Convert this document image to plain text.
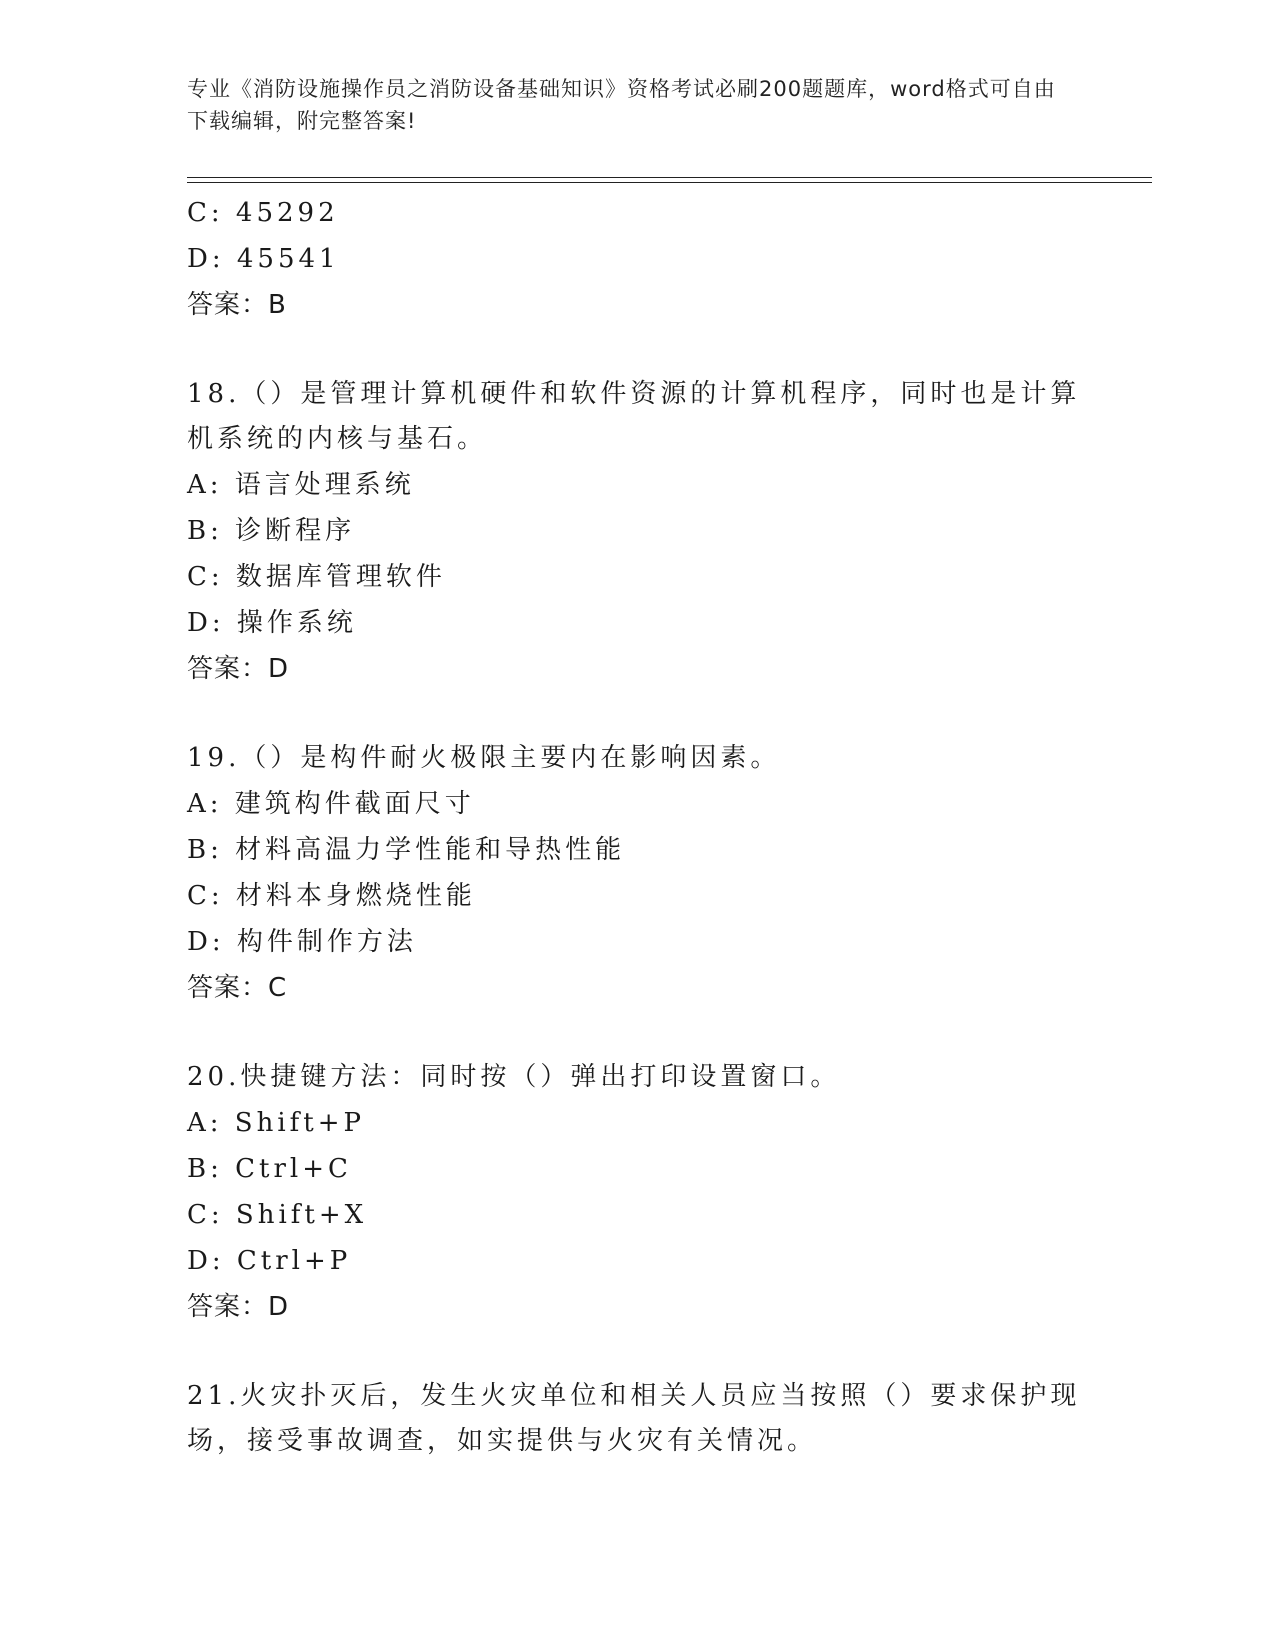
专业《消防设施操作员之消防设备基础知识》资格考试必刷200题题库，word格式可自由下载编辑，附完整答案!
C: 45292
D: 45541
答案：B
18.（）是管理计算机硬件和软件资源的计算机程序，同时也是计算机系统的内核与基石。
A: 语言处理系统
B: 诊断程序
C: 数据库管理软件
D: 操作系统
答案：D
19.（）是构件耐火极限主要内在影响因素。
A: 建筑构件截面尺寸
B: 材料高温力学性能和导热性能
C: 材料本身燃烧性能
D: 构件制作方法
答案：C
20.快捷键方法：同时按（）弹出打印设置窗口。
A: Shift+P
B: Ctrl+C
C: Shift+X
D: Ctrl+P
答案：D
21.火灾扑灭后，发生火灾单位和相关人员应当按照（）要求保护现场，接受事故调查，如实提供与火灾有关情况。
